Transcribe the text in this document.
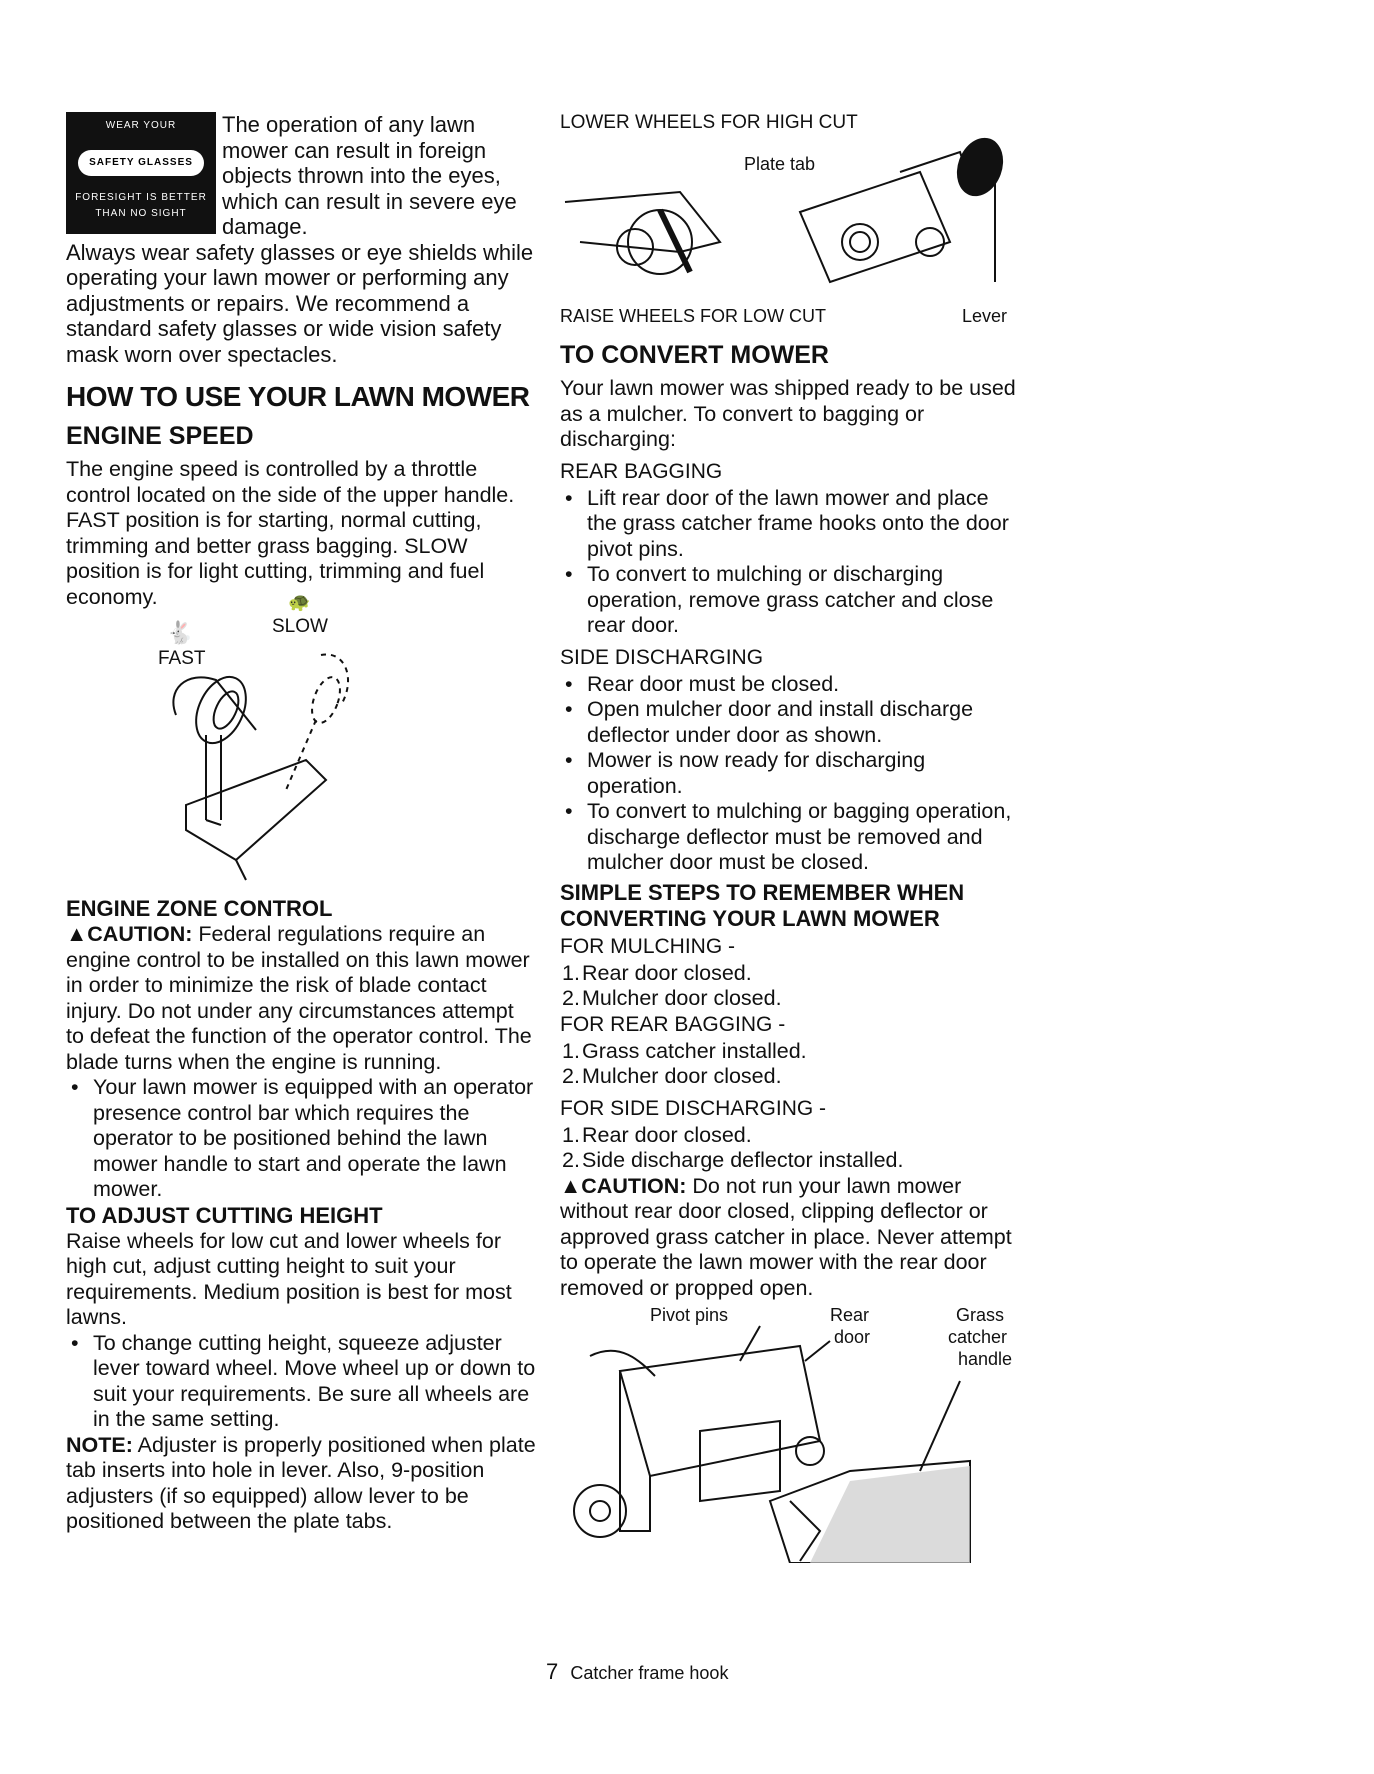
WEAR YOUR
SAFETY GLASSES
FORESIGHT IS BETTER
THAN NO SIGHT

The operation of any lawn mower can result in foreign objects thrown into the eyes, which can result in severe eye damage.

Always wear safety glasses or eye shields while operating your lawn mower or performing any adjustments or repairs. We recommend a standard safety glasses or wide vision safety mask worn over spectacles.

HOW TO USE YOUR LAWN MOWER
ENGINE SPEED

The engine speed is controlled by a throttle control located on the side of the upper handle. FAST position is for starting, normal cutting, trimming and better grass bagging. SLOW position is for light cutting, trimming and fuel economy.

🐇
FAST
🐢
SLOW
ENGINE ZONE CONTROL

▲CAUTION: Federal regulations require an engine control to be installed on this lawn mower in order to minimize the risk of blade contact injury. Do not under any circumstances attempt to defeat the function of the operator control. The blade turns when the engine is running.

• Your lawn mower is equipped with an operator presence control bar which requires the operator to be positioned behind the lawn mower handle to start and operate the lawn mower.
TO ADJUST CUTTING HEIGHT

Raise wheels for low cut and lower wheels for high cut, adjust cutting height to suit your requirements. Medium position is best for most lawns.

• To change cutting height, squeeze adjuster lever toward wheel. Move wheel up or down to suit your requirements. Be sure all wheels are in the same setting.

NOTE: Adjuster is properly positioned when plate tab inserts into hole in lever. Also, 9-position adjusters (if so equipped) allow lever to be positioned between the plate tabs.

LOWER WHEELS FOR HIGH CUT
Plate tab
RAISE WHEELS FOR LOW CUT	Lever
TO CONVERT MOWER

Your lawn mower was shipped ready to be used as a mulcher. To convert to bagging or discharging:

REAR BAGGING
• Lift rear door of the lawn mower and place the grass catcher frame hooks onto the door pivot pins.
• To convert to mulching or discharging operation, remove grass catcher and close rear door.
SIDE DISCHARGING
• Rear door must be closed.
• Open mulcher door and install discharge deflector under door as shown.
• Mower is now ready for discharging operation.
• To convert to mulching or bagging operation, discharge deflector must be removed and mulcher door must be closed.
SIMPLE STEPS TO REMEMBER WHEN
CONVERTING YOUR LAWN MOWER
FOR MULCHING -
1.Rear door closed.
2.Mulcher door closed.
FOR REAR BAGGING -
1.Grass catcher installed.
2.Mulcher door closed.
FOR SIDE DISCHARGING -
1.Rear door closed.
2.Side discharge deflector installed.

▲CAUTION: Do not run your lawn mower without rear door closed, clipping deflector or approved grass catcher in place. Never attempt to operate the lawn mower with the rear door removed or propped open.

Pivot pins	Rear
door
Grass
catcher
handle
7 Catcher frame hook
